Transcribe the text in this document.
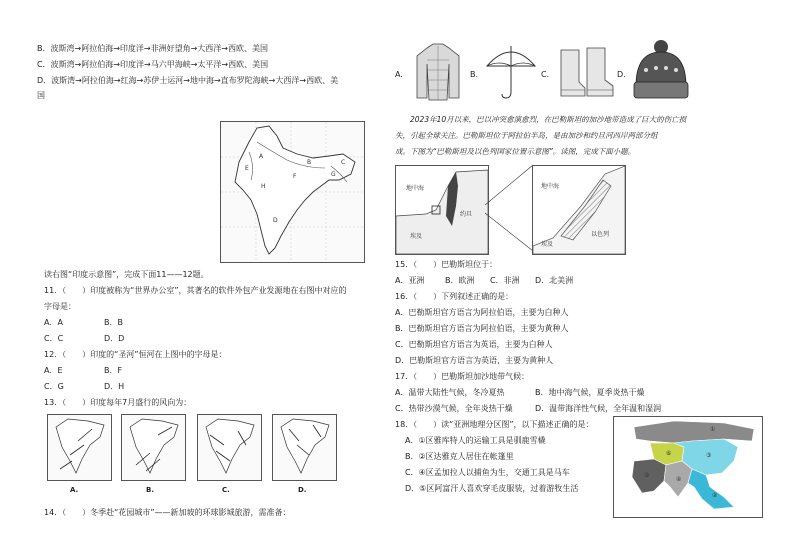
B．波斯湾→阿拉伯海→印度洋→非洲好望角→大西洋→西欧、美国
C．波斯湾→阿拉伯海→印度洋→马六甲海峡→太平洋→西欧、美国
D．波斯湾→阿拉伯海→红海→苏伊士运河→地中海→直布罗陀海峡→大西洋→西欧、美
国
A
B	C
D
E
F	G
H
读右图“印度示意图”，完成下面11——12题。
11．（　　）印度被称为“世界办公室”，其著名的软件外包产业发源地在右图中对应的
字母是：
A．A	B．B
C．C	D．D
12．（　　）印度的“圣河”恒河在上图中的字母是：
A．E	B．F
C．G	D．H
13．（　　）印度每年7月盛行的风向为：
A.	B.	C.	D.
14．（　　）冬季赴“花园城市”——新加坡的环球影城旅游，需准备：
A.	B.	C.	D.
2023年10月以来，巴以冲突愈演愈烈，在巴勒斯坦的加沙地带造成了巨大的伤亡损
失，引起全球关注。巴勒斯坦位于阿拉伯半岛，是由加沙和约旦河西岸两部分组
成。下图为“巴勒斯坦及以色列国家位置示意图”。读图，完成下面小题。
地中海
埃及
约旦
地中海
埃及
以色列
15．（　　）巴勒斯坦位于：
A．亚洲	B．欧洲 C．非洲 D．北美洲
16．（　　）下列叙述正确的是：
A．巴勒斯坦官方语言为阿拉伯语，主要为白种人
B．巴勒斯坦官方语言为阿拉伯语，主要为黄种人
C．巴勒斯坦官方语言为英语，主要为白种人
D．巴勒斯坦官方语言为英语，主要为黄种人
17．（　　）巴勒斯坦加沙地带气候：
A．温带大陆性气候，冬冷夏热	B．地中海气候，夏季炎热干燥
C．热带沙漠气候，全年炎热干燥	D．温带海洋性气候，全年温和湿润
18．（　　）读“亚洲地理分区图”，以下描述正确的是：
A．①区雅库特人的运输工具是驯鹿雪橇
B．②区达雅克人居住在帐篷里
C．④区孟加拉人以捕鱼为生，交通工具是马车
D．⑤区阿富汗人喜欢穿毛皮服装，过着游牧生活
①
②
③
④
⑤
⑥
